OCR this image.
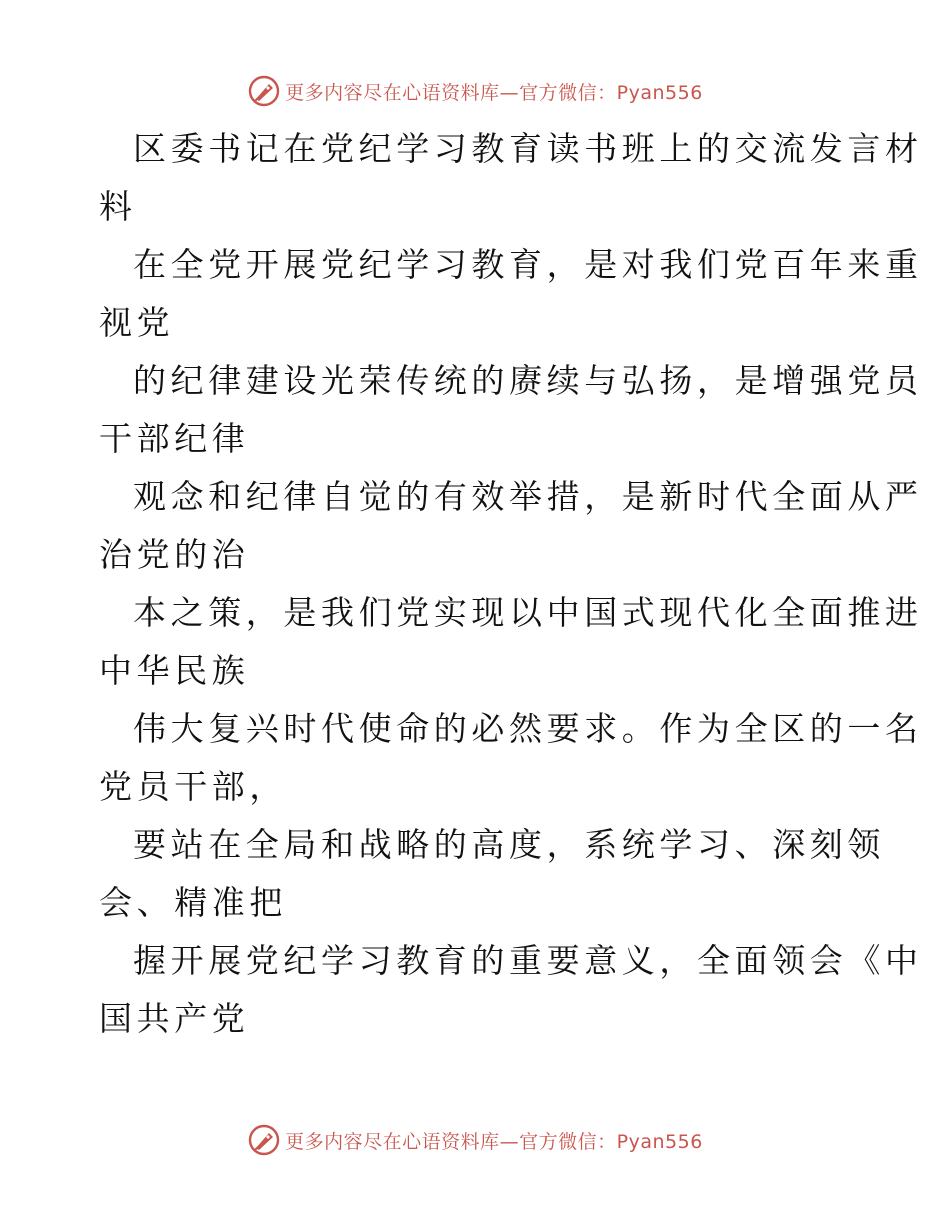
更多内容尽在心语资料库—官方微信：Pyan556
区委书记在党纪学习教育读书班上的交流发言材
料
在全党开展党纪学习教育，是对我们党百年来重
视党
的纪律建设光荣传统的赓续与弘扬，是增强党员
干部纪律
观念和纪律自觉的有效举措，是新时代全面从严
治党的治
本之策，是我们党实现以中国式现代化全面推进
中华民族
伟大复兴时代使命的必然要求。作为全区的一名
党员干部，
要站在全局和战略的高度，系统学习、深刻领
会、精准把
握开展党纪学习教育的重要意义，全面领会《中
国共产党
更多内容尽在心语资料库—官方微信：Pyan556
